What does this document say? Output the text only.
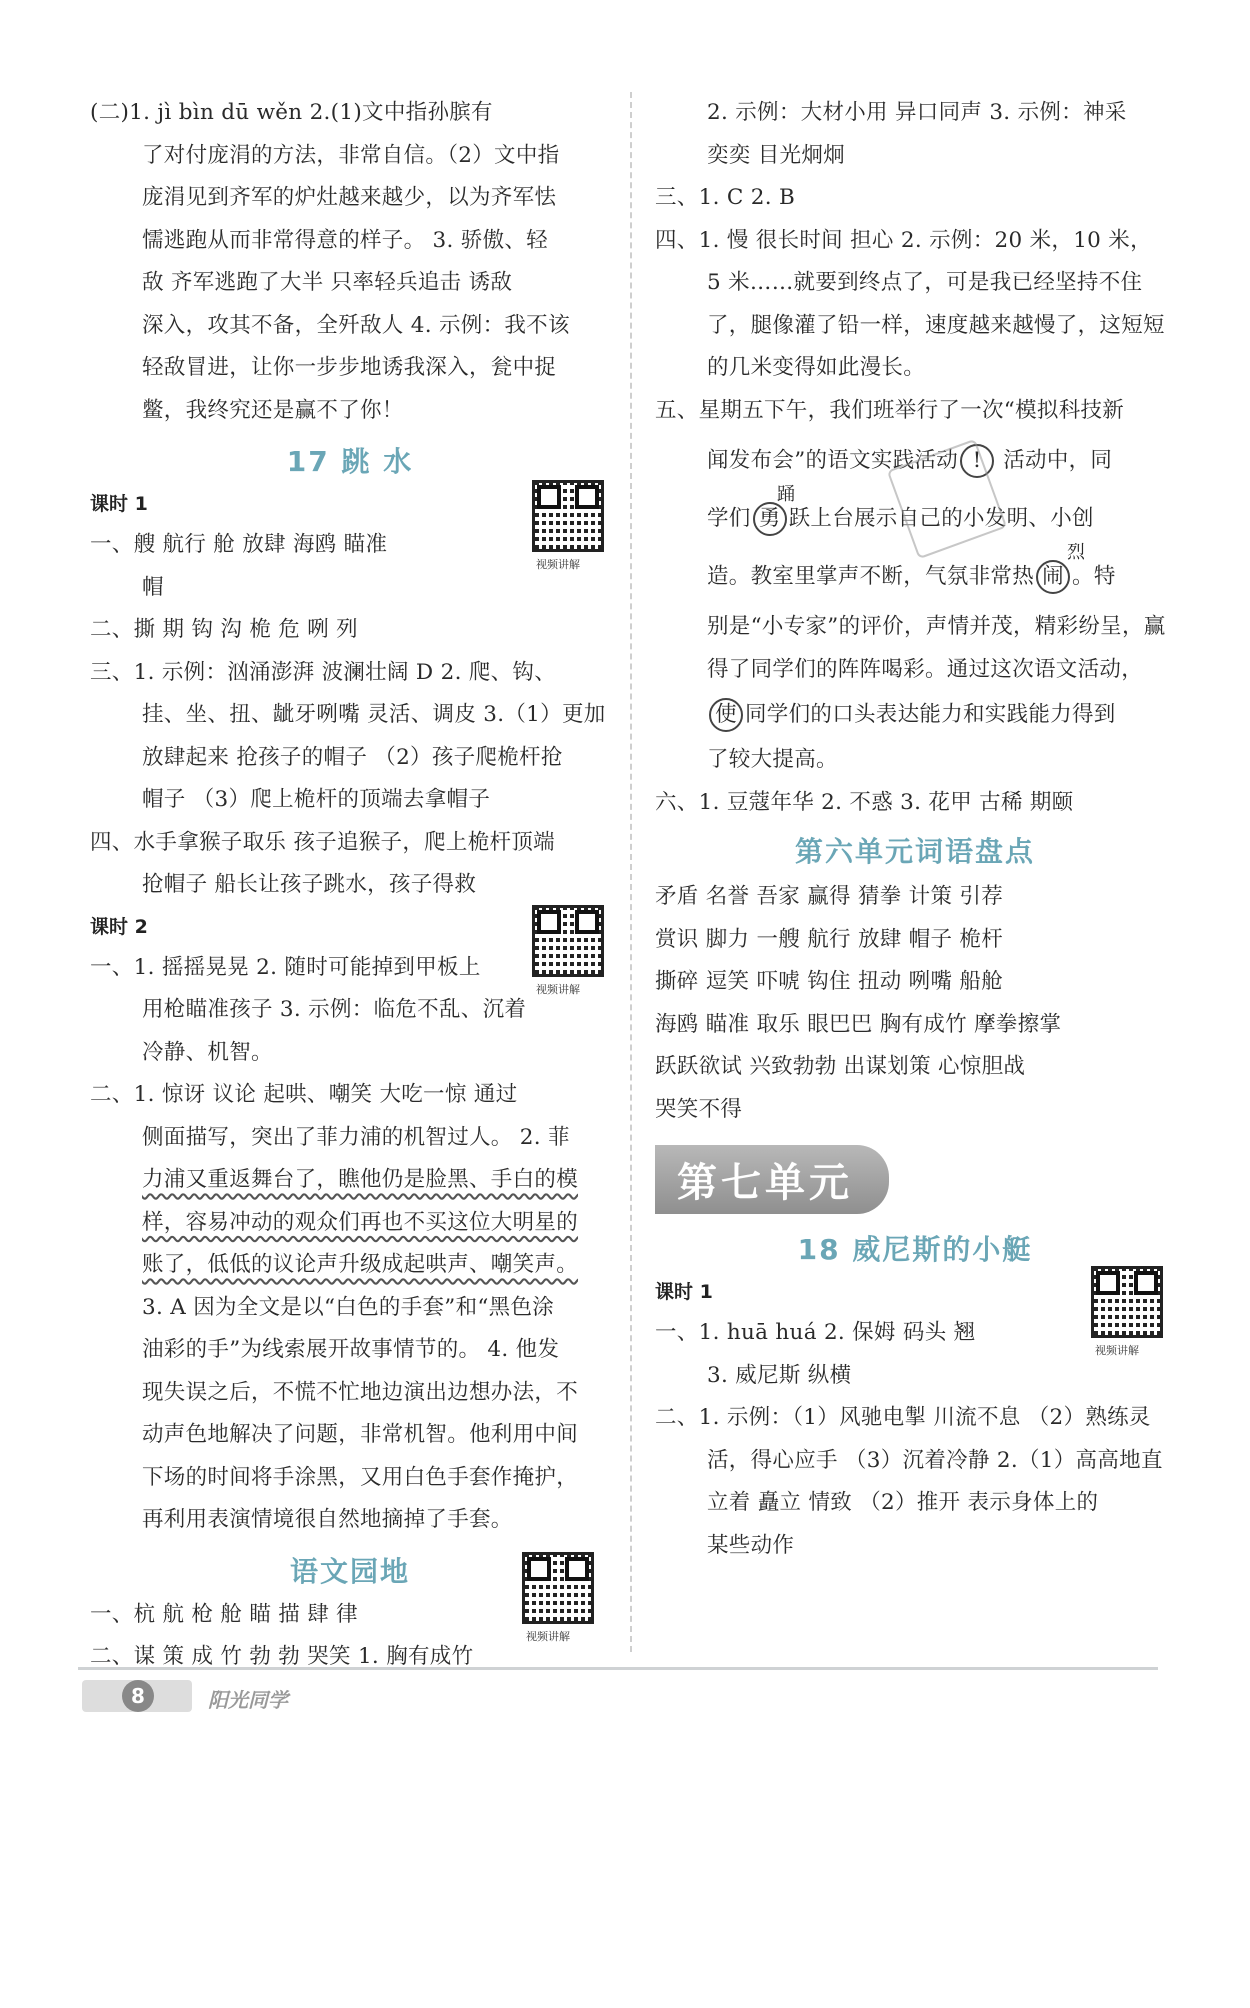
(二)1. jì bìn dū wěn 2.(1)文中指孙膑有
了对付庞涓的方法，非常自信。（2）文中指
庞涓见到齐军的炉灶越来越少，以为齐军怯
懦逃跑从而非常得意的样子。 3. 骄傲、轻
敌 齐军逃跑了大半 只率轻兵追击 诱敌
深入，攻其不备，全歼敌人 4. 示例：我不该
轻敌冒进，让你一步步地诱我深入，瓮中捉
鳖，我终究还是赢不了你！
17 跳 水
课时 1
视频讲解
一、艘 航行 舱 放肆 海鸥 瞄准
帽
二、撕 期 钩 沟 桅 危 咧 列
三、1. 示例：汹涌澎湃 波澜壮阔 D 2. 爬、钩、
挂、坐、扭、龇牙咧嘴 灵活、调皮 3.（1）更加
放肆起来 抢孩子的帽子 （2）孩子爬桅杆抢
帽子 （3）爬上桅杆的顶端去拿帽子
四、水手拿猴子取乐 孩子追猴子，爬上桅杆顶端
抢帽子 船长让孩子跳水，孩子得救
课时 2
视频讲解
一、1. 摇摇晃晃 2. 随时可能掉到甲板上
用枪瞄准孩子 3. 示例：临危不乱、沉着
冷静、机智。
二、1. 惊讶 议论 起哄、嘲笑 大吃一惊 通过
侧面描写，突出了菲力浦的机智过人。 2. 菲
力浦又重返舞台了，瞧他仍是脸黑、手白的模
样，容易冲动的观众们再也不买这位大明星的
账了，低低的议论声升级成起哄声、嘲笑声。
3. A 因为全文是以“白色的手套”和“黑色涂
油彩的手”为线索展开故事情节的。 4. 他发
现失误之后，不慌不忙地边演出边想办法，不
动声色地解决了问题，非常机智。他利用中间
下场的时间将手涂黑，又用白色手套作掩护，
再利用表演情境很自然地摘掉了手套。
语文园地
视频讲解
一、杭 航 枪 舱 瞄 描 肆 律
二、谋 策 成 竹 勃 勃 哭笑 1. 胸有成竹
2. 示例：大材小用 异口同声 3. 示例：神采
奕奕 目光炯炯
三、1. C 2. B
四、1. 慢 很长时间 担心 2. 示例：20 米，10 米，
5 米……就要到终点了，可是我已经坚持不住
了，腿像灌了铅一样，速度越来越慢了，这短短
的几米变得如此漫长。
五、星期五下午，我们班举行了一次“模拟科技新
闻发布会”的语文实践活动 ! 活动中，同
学们 勇
踊
跃上台展示自己的小发明、小创
造。教室里掌声不断，气氛非常热 闹
烈
。特
别是“小专家”的评价，声情并茂，精彩纷呈，赢
得了同学们的阵阵喝彩。通过这次语文活动，
使 同学们的口头表达能力和实践能力得到
了较大提高。
六、1. 豆蔻年华 2. 不惑 3. 花甲 古稀 期颐
第六单元词语盘点
矛盾 名誉 吾家 赢得 猜拳 计策 引荐
赏识 脚力 一艘 航行 放肆 帽子 桅杆
撕碎 逗笑 吓唬 钩住 扭动 咧嘴 船舱
海鸥 瞄准 取乐 眼巴巴 胸有成竹 摩拳擦掌
跃跃欲试 兴致勃勃 出谋划策 心惊胆战
哭笑不得
第七单元
18 威尼斯的小艇
课时 1
视频讲解
一、1. huā huá 2. 保姆 码头 翘
3. 威尼斯 纵横
二、1. 示例：（1）风驰电掣 川流不息 （2）熟练灵
活，得心应手 （3）沉着冷静 2.（1）高高地直
立着 矗立 情致 （2）推开 表示身体上的
某些动作
8	阳光同学
